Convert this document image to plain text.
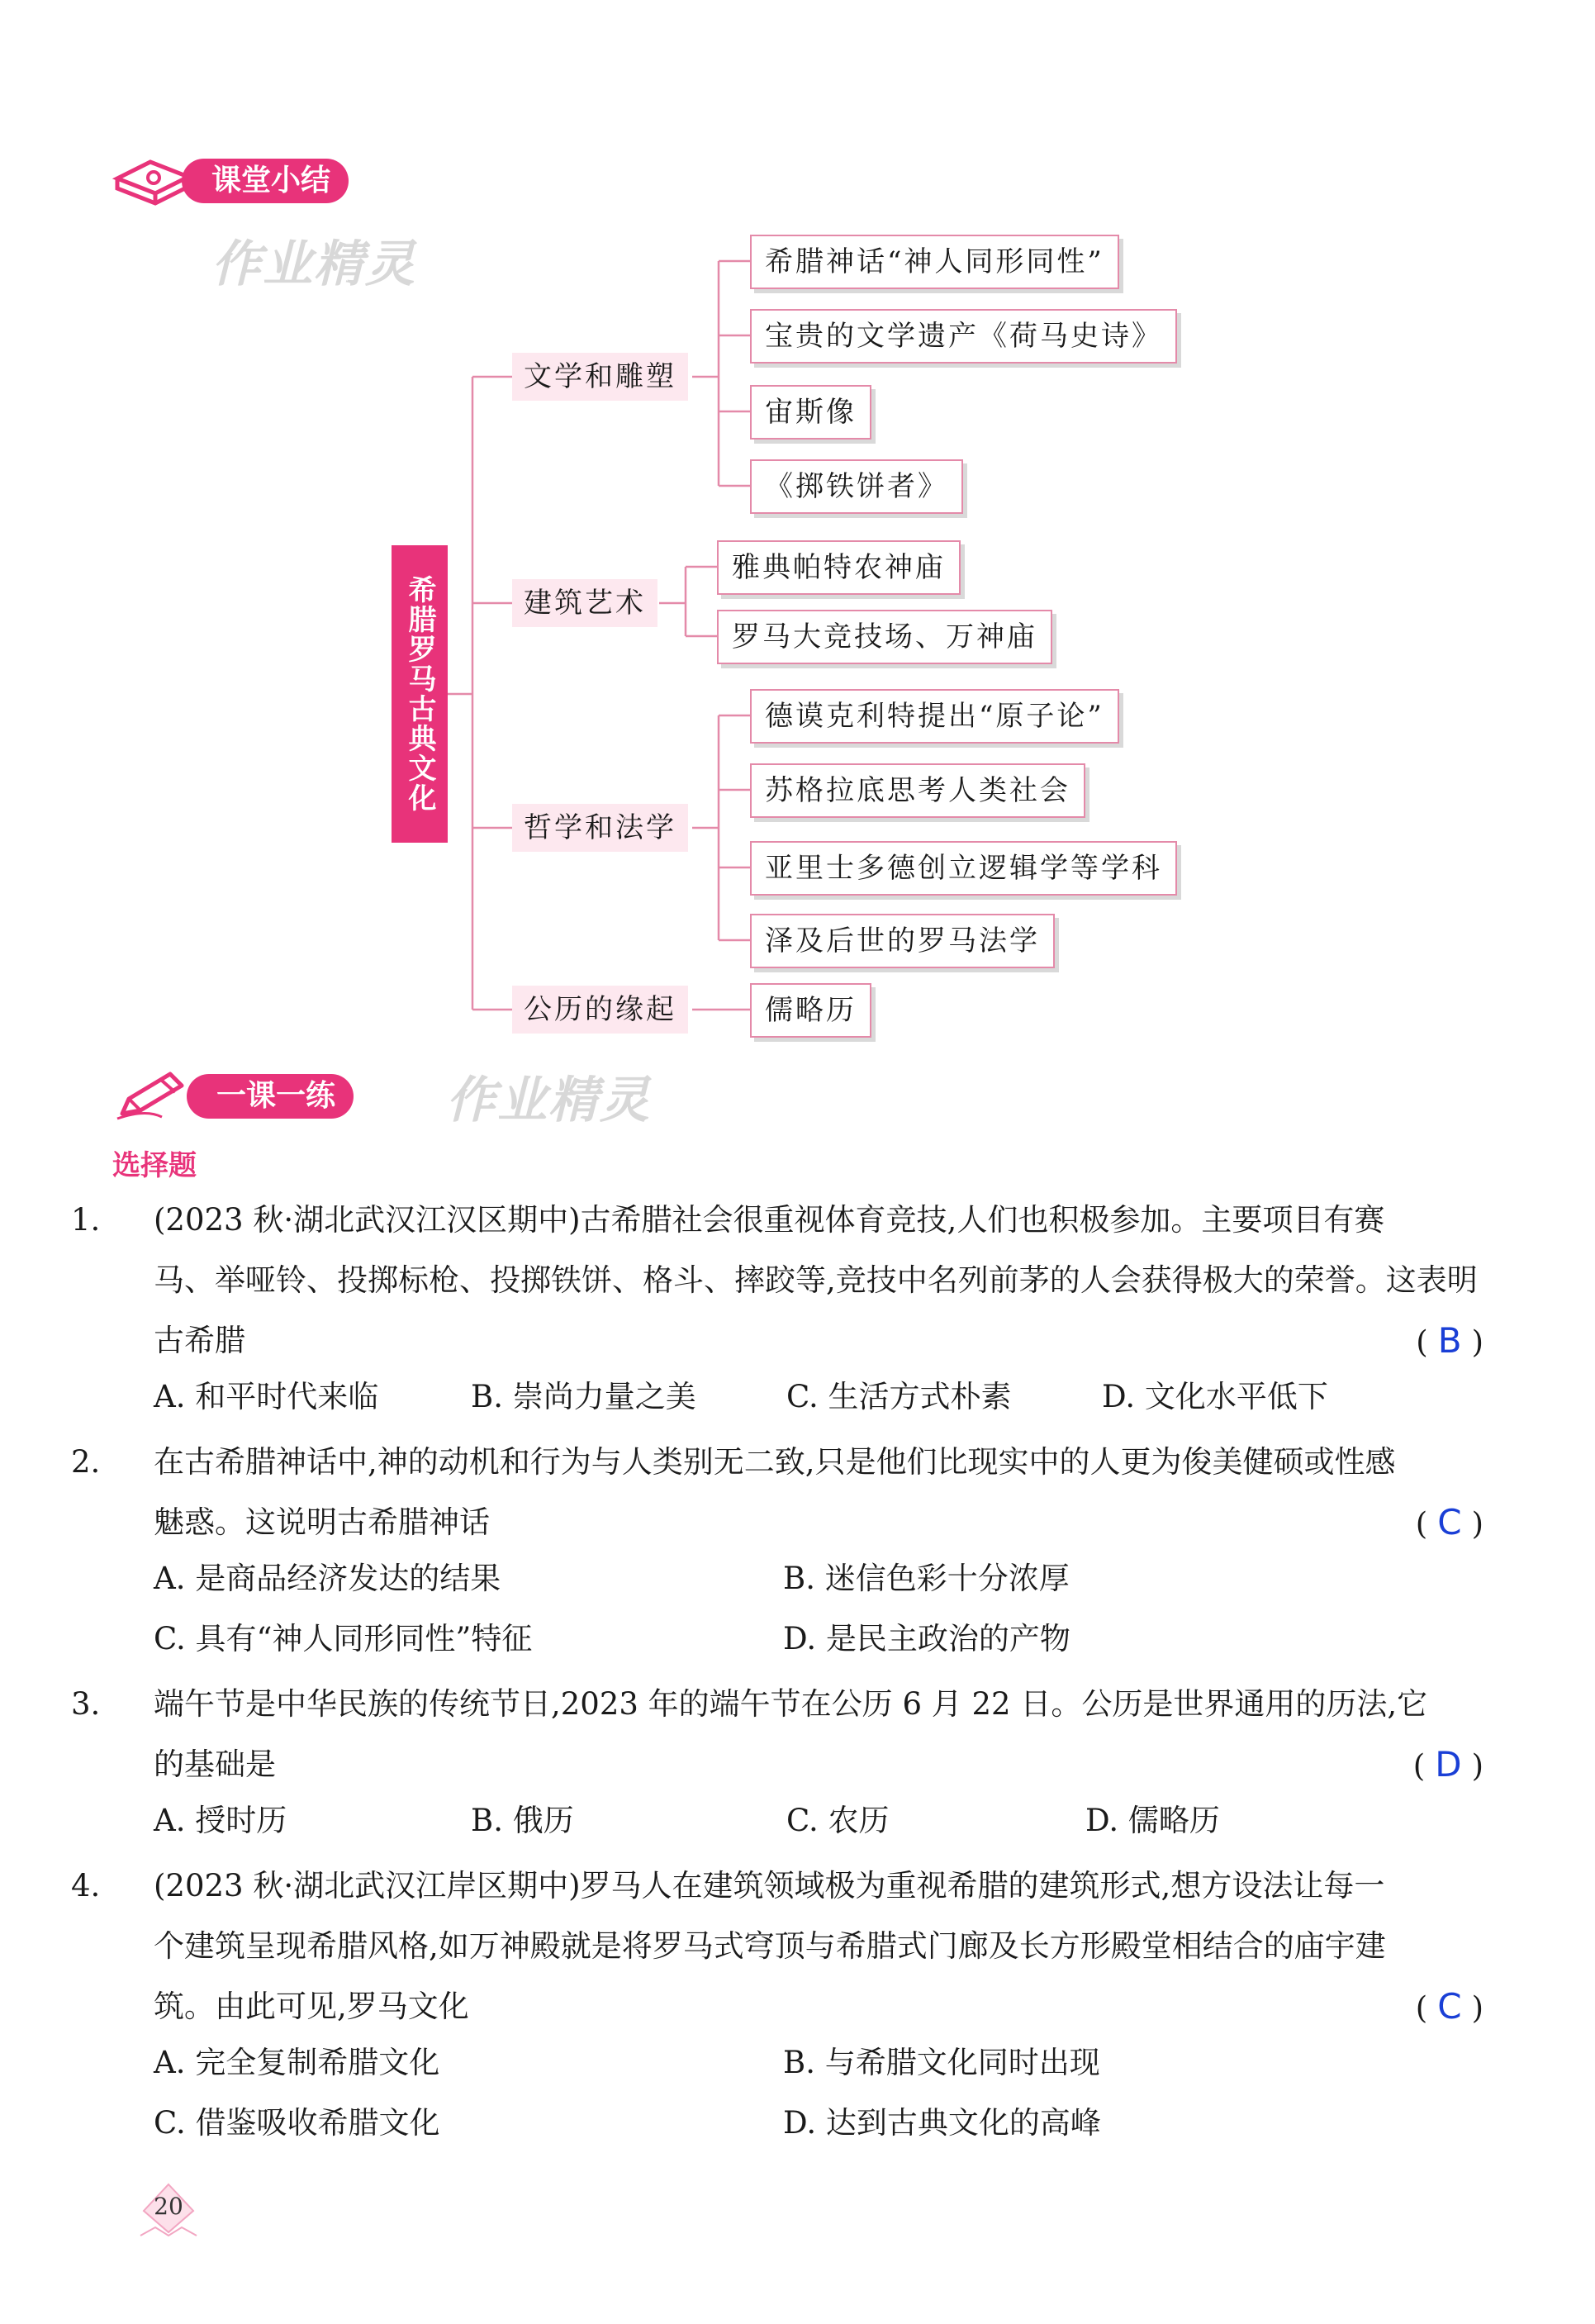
课堂小结
作业精灵
希腊罗马古典文化
文学和雕塑
希腊神话“神人同形同性”
宝贵的文学遗产《荷马史诗》
宙斯像
《掷铁饼者》
建筑艺术
雅典帕特农神庙
罗马大竞技场、万神庙
哲学和法学
德谟克利特提出“原子论”
苏格拉底思考人类社会
亚里士多德创立逻辑学等学科
泽及后世的罗马法学
公历的缘起	儒略历
一课一练	作业精灵
选择题
1. (2023 秋·湖北武汉江汉区期中)古希腊社会很重视体育竞技,人们也积极参加。主要项目有赛
马、举哑铃、投掷标枪、投掷铁饼、格斗、摔跤等,竞技中名列前茅的人会获得极大的荣誉。这表明
古希腊	( B )
A. 和平时代来临	B. 崇尚力量之美	C. 生活方式朴素	D. 文化水平低下
2. 在古希腊神话中,神的动机和行为与人类别无二致,只是他们比现实中的人更为俊美健硕或性感
魅惑。这说明古希腊神话	( C )
A. 是商品经济发达的结果	B. 迷信色彩十分浓厚
C. 具有“神人同形同性”特征	D. 是民主政治的产物
3. 端午节是中华民族的传统节日,2023 年的端午节在公历 6 月 22 日。公历是世界通用的历法,它
的基础是	( D )
A. 授时历	B. 俄历	C. 农历	D. 儒略历
4. (2023 秋·湖北武汉江岸区期中)罗马人在建筑领域极为重视希腊的建筑形式,想方设法让每一
个建筑呈现希腊风格,如万神殿就是将罗马式穹顶与希腊式门廊及长方形殿堂相结合的庙宇建
筑。由此可见,罗马文化	( C )
A. 完全复制希腊文化	B. 与希腊文化同时出现
C. 借鉴吸收希腊文化	D. 达到古典文化的高峰
20
